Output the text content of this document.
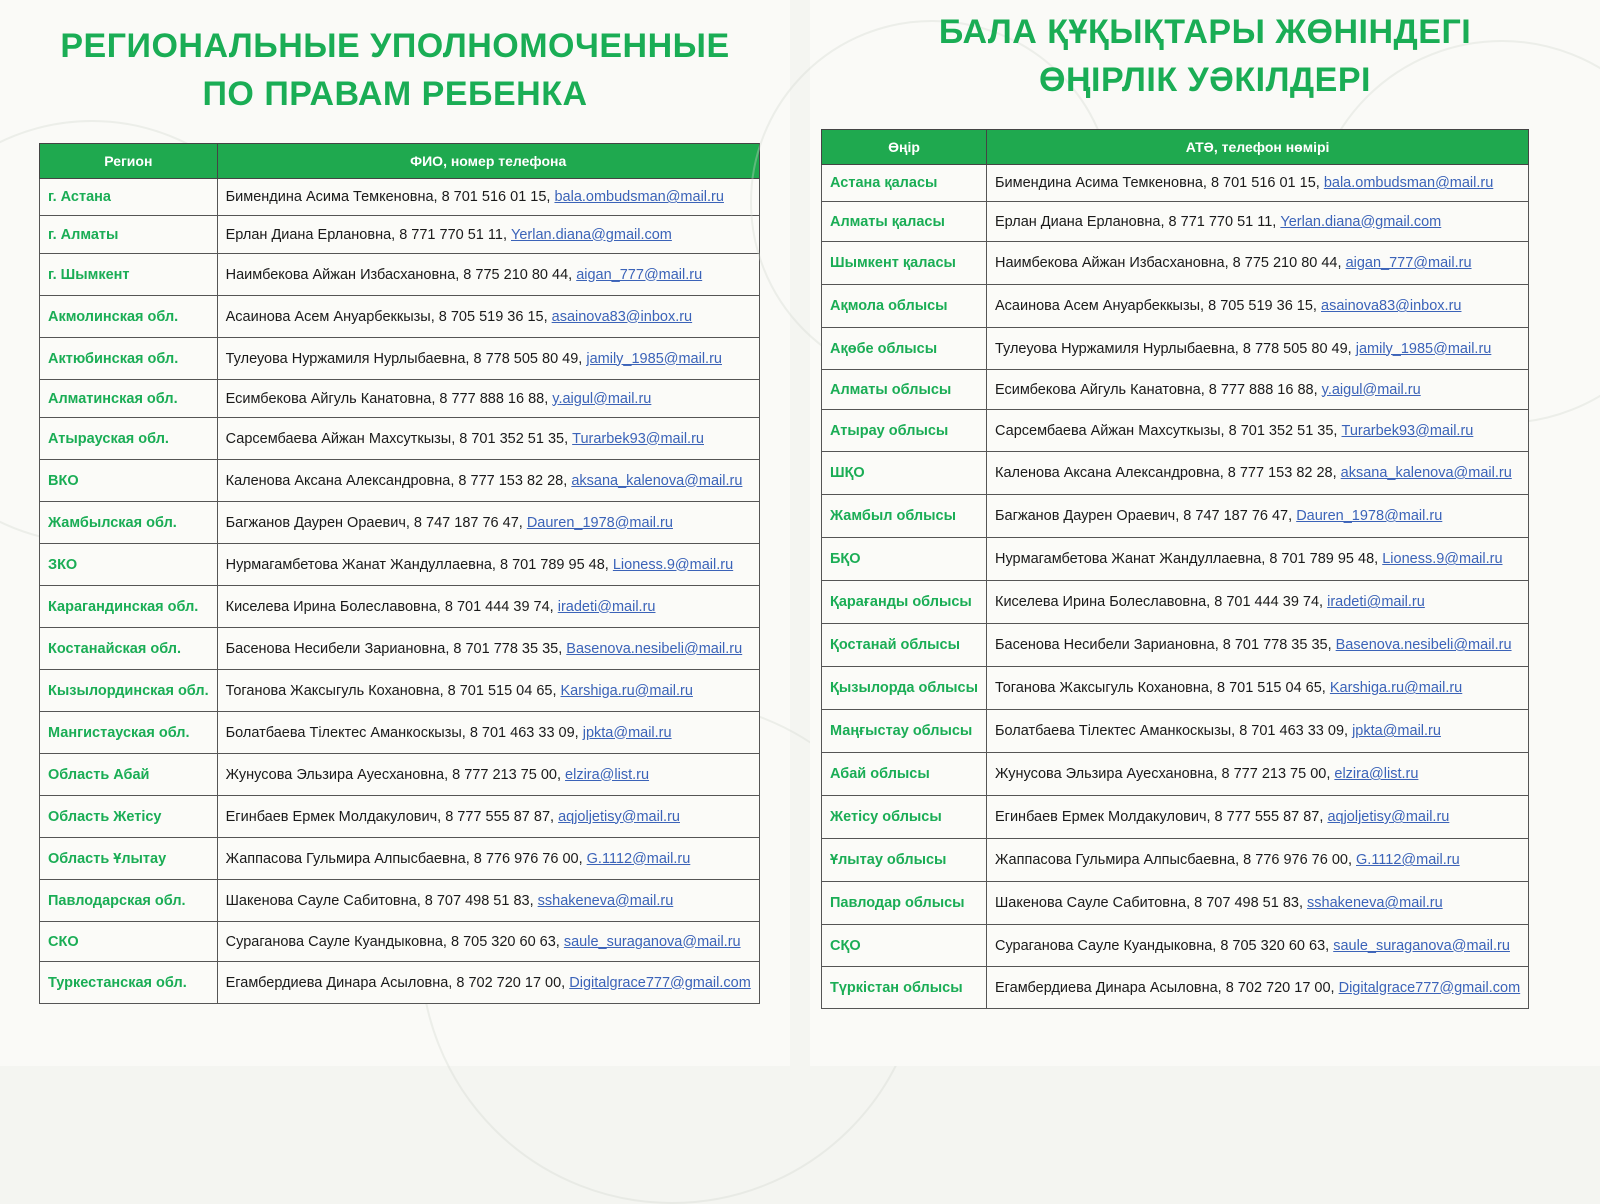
РЕГИОНАЛЬНЫЕ УПОЛНОМОЧЕННЫЕ
ПО ПРАВАМ РЕБЕНКА
Регион	ФИО, номер телефона
г. Астана	Бимендина Асима Темкеновна, 8 701 516 01 15, bala.ombudsman@mail.ru
г. Алматы	Ерлан Диана Ерлановна, 8 771 770 51 11, Yerlan.diana@gmail.com
г. Шымкент	Наимбекова Айжан Избасхановна, 8 775 210 80 44, aigan_777@mail.ru
Акмолинская обл.	Асаинова Асем Ануарбеккызы, 8 705 519 36 15, asainova83@inbox.ru
Актюбинская обл.	Тулеуова Нуржамиля Нурлыбаевна, 8 778 505 80 49, jamily_1985@mail.ru
Алматинская обл.	Есимбекова Айгуль Канатовна, 8 777 888 16 88, y.aigul@mail.ru
Атырауская обл.	Сарсембаева Айжан Махсуткызы, 8 701 352 51 35, Turarbek93@mail.ru
ВКО	Каленова Аксана Александровна, 8 777 153 82 28, aksana_kalenova@mail.ru
Жамбылская обл.	Багжанов Даурен Ораевич, 8 747 187 76 47, Dauren_1978@mail.ru
ЗКО	Нурмагамбетова Жанат Жандуллаевна, 8 701 789 95 48, Lioness.9@mail.ru
Карагандинская обл.	Киселева Ирина Болеславовна, 8 701 444 39 74, iradeti@mail.ru
Костанайская обл.	Басенова Несибели Зариановна, 8 701 778 35 35, Basenova.nesibeli@mail.ru
Кызылординская обл.	Тоганова Жаксыгуль Кохановна, 8 701 515 04 65, Karshiga.ru@mail.ru
Мангистауская обл.	Болатбаева Тілектес Аманкоскызы, 8 701 463 33 09, jpkta@mail.ru
Область Абай	Жунусова Эльзира Ауесхановна, 8 777 213 75 00, elzira@list.ru
Область Жетісу	Егинбаев Ермек Молдакулович, 8 777 555 87 87, aqjoljetisy@mail.ru
Область Ұлытау	Жаппасова Гульмира Алпысбаевна, 8 776 976 76 00, G.1112@mail.ru
Павлодарская обл.	Шакенова Сауле Сабитовна, 8 707 498 51 83, sshakeneva@mail.ru
СКО	Сураганова Сауле Куандыковна, 8 705 320 60 63, saule_suraganova@mail.ru
Туркестанская обл.	Егамбердиева Динара Асыловна, 8 702 720 17 00, Digitalgrace777@gmail.com
БАЛА ҚҰҚЫҚТАРЫ ЖӨНІНДЕГІ
ӨҢІРЛІК УӘКІЛДЕРІ
Өңір	АТӘ, телефон нөмірі
Астана қаласы	Бимендина Асима Темкеновна, 8 701 516 01 15, bala.ombudsman@mail.ru
Алматы қаласы	Ерлан Диана Ерлановна, 8 771 770 51 11, Yerlan.diana@gmail.com
Шымкент қаласы	Наимбекова Айжан Избасхановна, 8 775 210 80 44, aigan_777@mail.ru
Ақмола облысы	Асаинова Асем Ануарбеккызы, 8 705 519 36 15, asainova83@inbox.ru
Ақөбе облысы	Тулеуова Нуржамиля Нурлыбаевна, 8 778 505 80 49, jamily_1985@mail.ru
Алматы облысы	Есимбекова Айгуль Канатовна, 8 777 888 16 88, y.aigul@mail.ru
Атырау облысы	Сарсембаева Айжан Махсуткызы, 8 701 352 51 35, Turarbek93@mail.ru
ШҚО	Каленова Аксана Александровна, 8 777 153 82 28, aksana_kalenova@mail.ru
Жамбыл облысы	Багжанов Даурен Ораевич, 8 747 187 76 47, Dauren_1978@mail.ru
БҚО	Нурмагамбетова Жанат Жандуллаевна, 8 701 789 95 48, Lioness.9@mail.ru
Қарағанды облысы	Киселева Ирина Болеславовна, 8 701 444 39 74, iradeti@mail.ru
Қостанай облысы	Басенова Несибели Зариановна, 8 701 778 35 35, Basenova.nesibeli@mail.ru
Қызылорда облысы	Тоганова Жаксыгуль Кохановна, 8 701 515 04 65, Karshiga.ru@mail.ru
Маңғыстау облысы	Болатбаева Тілектес Аманкоскызы, 8 701 463 33 09, jpkta@mail.ru
Абай облысы	Жунусова Эльзира Ауесхановна, 8 777 213 75 00, elzira@list.ru
Жетісу облысы	Егинбаев Ермек Молдакулович, 8 777 555 87 87, aqjoljetisy@mail.ru
Ұлытау облысы	Жаппасова Гульмира Алпысбаевна, 8 776 976 76 00, G.1112@mail.ru
Павлодар облысы	Шакенова Сауле Сабитовна, 8 707 498 51 83, sshakeneva@mail.ru
СҚО	Сураганова Сауле Куандыковна, 8 705 320 60 63, saule_suraganova@mail.ru
Түркістан облысы	Егамбердиева Динара Асыловна, 8 702 720 17 00, Digitalgrace777@gmail.com
